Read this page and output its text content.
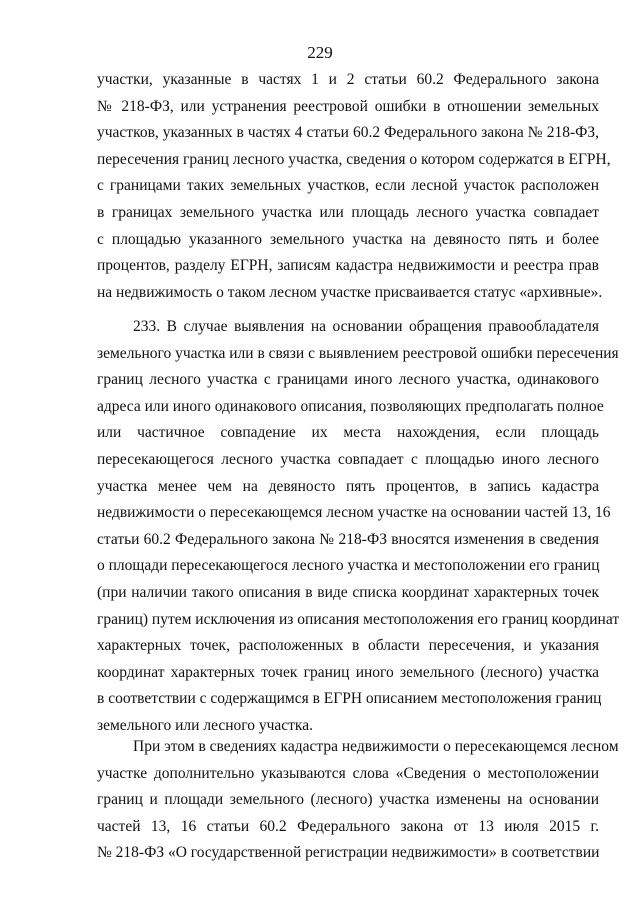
229
участки, указанные в частях 1 и 2 статьи 60.2 Федерального закона
№ 218-ФЗ, или устранения реестровой ошибки в отношении земельных
участков, указанных в частях 4 статьи 60.2 Федерального закона № 218-ФЗ,
пересечения границ лесного участка, сведения о котором содержатся в ЕГРН,
с границами таких земельных участков, если лесной участок расположен
в границах земельного участка или площадь лесного участка совпадает
с площадью указанного земельного участка на девяносто пять и более
процентов, разделу ЕГРН, записям кадастра недвижимости и реестра прав
на недвижимость о таком лесном участке присваивается статус «архивные».
233. В случае выявления на основании обращения правообладателя
земельного участка или в связи с выявлением реестровой ошибки пересечения
границ лесного участка с границами иного лесного участка, одинакового
адреса или иного одинакового описания, позволяющих предполагать полное
или частичное совпадение их места нахождения, если площадь
пересекающегося лесного участка совпадает с площадью иного лесного
участка менее чем на девяносто пять процентов, в запись кадастра
недвижимости о пересекающемся лесном участке на основании частей 13, 16
статьи 60.2 Федерального закона № 218-ФЗ вносятся изменения в сведения
о площади пересекающегося лесного участка и местоположении его границ
(при наличии такого описания в виде списка координат характерных точек
границ) путем исключения из описания местоположения его границ координат
характерных точек, расположенных в области пересечения, и указания
координат характерных точек границ иного земельного (лесного) участка
в соответствии с содержащимся в ЕГРН описанием местоположения границ
земельного или лесного участка.
При этом в сведениях кадастра недвижимости о пересекающемся лесном
участке дополнительно указываются слова «Сведения о местоположении
границ и площади земельного (лесного) участка изменены на основании
частей 13, 16 статьи 60.2 Федерального закона от 13 июля 2015 г.
№ 218-ФЗ «О государственной регистрации недвижимости» в соответствии
